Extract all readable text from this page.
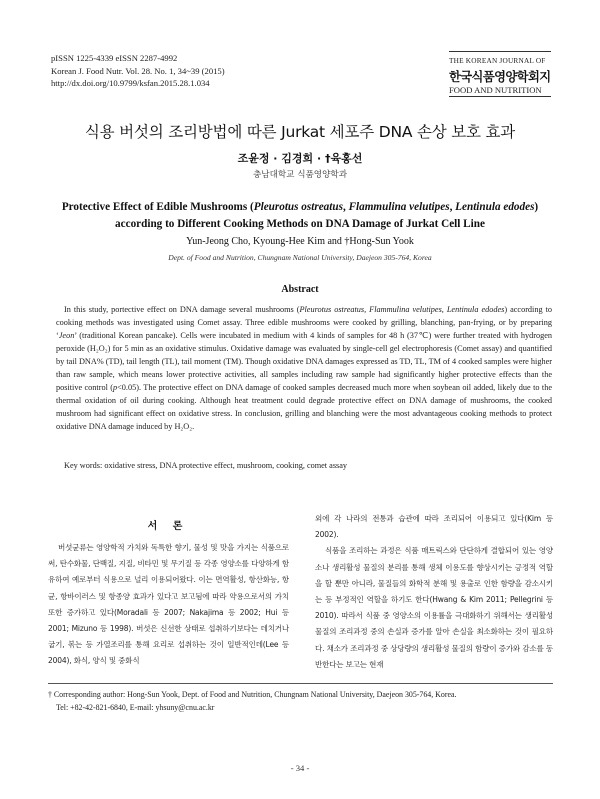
pISSN 1225-4339 eISSN 2287-4992
Korean J. Food Nutr. Vol. 28. No. 1, 34~39 (2015)
http://dx.doi.org/10.9799/ksfan.2015.28.1.034
THE KOREAN JOURNAL OF
한국식품영양학회지
FOOD AND NUTRITION
식용 버섯의 조리방법에 따른 Jurkat 세포주 DNA 손상 보호 효과
조윤정 · 김경희 · †육홍선
충남대학교 식품영양학과
Protective Effect of Edible Mushrooms (Pleurotus ostreatus, Flammulina velutipes, Lentinula edodes) according to Different Cooking Methods on DNA Damage of Jurkat Cell Line
Yun-Jeong Cho, Kyoung-Hee Kim and †Hong-Sun Yook
Dept. of Food and Nutrition, Chungnam National University, Daejeon 305-764, Korea
Abstract

In this study, portective effect on DNA damage several mushrooms (Pleurotus ostreatus, Flammulina velutipes, Lentinula edodes) according to cooking methods was investigated using Comet assay. Three edible mushrooms were cooked by grilling, blanching, pan-frying, or by preparing ‘Jeon’ (traditional Korean pancake). Cells were incubated in medium with 4 kinds of samples for 48 h (37℃) were further treated with hydrogen peroxide (H₂O₂) for 5 min as an oxidative stimulus. Oxidative damage was evaluated by single-cell gel electrophoresis (Comet assay) and quantified by tail DNA% (TD), tail length (TL), tail moment (TM). Though oxidative DNA damages expressed as TD, TL, TM of 4 cooked samples were higher than raw sample, which means lower protective activities, all samples including raw sample had significantly higher protective effects than the positive control (p<0.05). The protective effect on DNA damage of cooked samples decreased much more when soybean oil added, likely due to the thermal oxidation of oil during cooking. Although heat treatment could degrade protective effect on DNA damage of mushrooms, the cooked mushroom had significant effect on oxidative stress. In conclusion, grilling and blanching were the most advantageous cooking methods to protect oxidative DNA damage induced by H₂O₂.

Key words: oxidative stress, DNA protective effect, mushroom, cooking, comet assay
서 론

버섯균류는 영양학적 가치와 독특한 향기, 물성 및 맛을 가지는 식품으로써, 탄수화물, 단백질, 지질, 비타민 및 무기질 등 각종 영양소를 다양하게 함유하여 예로부터 식용으로 널리 이용되어왔다. 이는 면역활성, 항산화능, 항균, 항바이러스 및 항종양 효과가 있다고 보고됨에 따라 약용으로서의 가치 또한 증가하고 있다(Moradali 등 2007; Nakajima 등 2002; Hui 등 2001; Mizuno 등 1998). 버섯은 신선한 상태로 섭취하기보다는 데치거나 굽기, 볶는 등 가열조리를 통해 요리로 섭취하는 것이 일반적인데(Lee 등 2004), 화식, 양식 및 중화식

외에 각 나라의 전통과 습관에 따라 조리되어 이용되고 있다(Kim 등 2002).

식품을 조리하는 과정은 식품 매트릭스와 단단하게 결합되어 있는 영양소나 생리활성 물질의 분리를 통해 생체 이용도를 향상시키는 긍정적 역할을 할 뿐만 아니라, 물질들의 화학적 분해 및 용출로 인한 함량을 감소시키는 등 부정적인 역할을 하기도 한다(Hwang & Kim 2011; Pellegrini 등 2010). 따라서 식품 중 영양소의 이용률을 극대화하기 위해서는 생리활성물질의 조리과정 중의 손실과 증가를 알아 손실을 최소화하는 것이 필요하다. 채소가 조리과정 중 상당량의 생리활성 물질의 함량이 증가와 감소를 동반한다는 보고는 현재

† Corresponding author: Hong-Sun Yook, Dept. of Food and Nutrition, Chungnam National University, Daejeon 305-764, Korea.
Tel: +82-42-821-6840, E-mail: yhsuny@cnu.ac.kr
- 34 -
